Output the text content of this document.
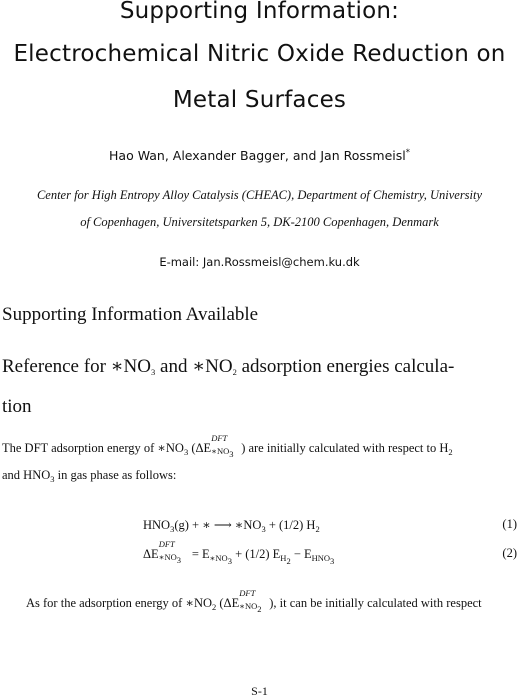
Supporting Information:
Electrochemical Nitric Oxide Reduction on
Metal Surfaces
Hao Wan, Alexander Bagger, and Jan Rossmeisl*
Center for High Entropy Alloy Catalysis (CHEAC), Department of Chemistry, University
of Copenhagen, Universitetsparken 5, DK-2100 Copenhagen, Denmark
E-mail: Jan.Rossmeisl@chem.ku.dk
Supporting Information Available
Reference for $∗NO_3$ and $∗NO_2$ adsorption energies calcula-
tion
The DFT adsorption energy of $∗NO_3$ (ΔE
DFT
$∗NO_3$ ) are initially calculated with respect to $H_2$
and $HNO_3$ in gas phase as follows:
$HNO_3(g)$ + ∗ ⟶ $∗NO_3 + (1/2)$ $H_2$	(1)
ΔE
DFT
$∗NO_3 = E_{∗NO_3} + (1/2) E_{H_2} - E_{HNO_3}$
(2)
As for the adsorption energy of $∗NO_2$ (ΔE
DFT
$∗NO_2$ ), it can be initially calculated with respect
S-1
